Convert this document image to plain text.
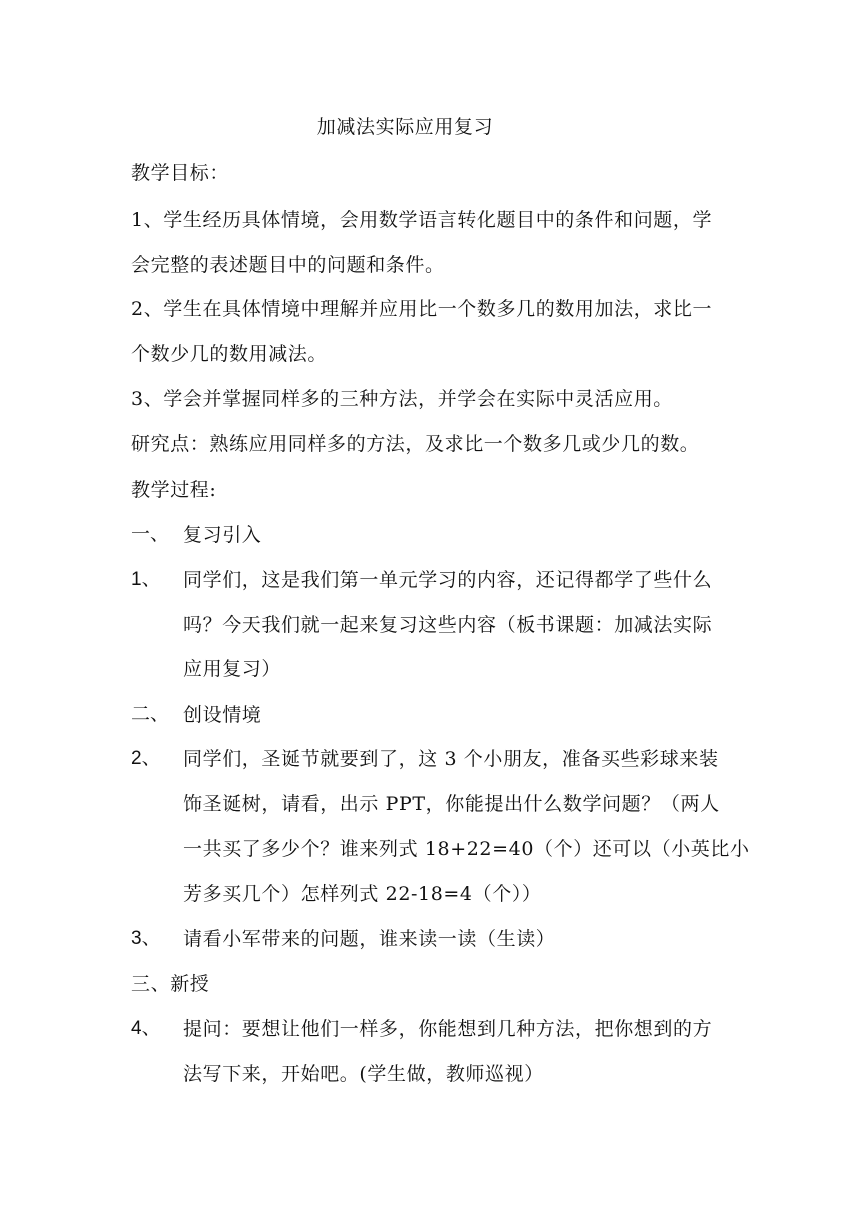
加减法实际应用复习
教学目标：
1、学生经历具体情境，会用数学语言转化题目中的条件和问题，学
会完整的表述题目中的问题和条件。
2、学生在具体情境中理解并应用比一个数多几的数用加法，求比一
个数少几的数用减法。
3、学会并掌握同样多的三种方法，并学会在实际中灵活应用。
研究点：熟练应用同样多的方法，及求比一个数多几或少几的数。
教学过程:
一、 复习引入
1、 同学们，这是我们第一单元学习的内容，还记得都学了些什么
吗？今天我们就一起来复习这些内容（板书课题：加减法实际
应用复习）
二、 创设情境
2、 同学们，圣诞节就要到了，这 3 个小朋友，准备买些彩球来装
饰圣诞树，请看，出示 PPT，你能提出什么数学问题？（两人
一共买了多少个？谁来列式 18+22=40（个）还可以（小英比小
芳多买几个）怎样列式 22-18=4（个））
3、 请看小军带来的问题，谁来读一读（生读）
三、新授
4、 提问：要想让他们一样多，你能想到几种方法，把你想到的方
法写下来，开始吧。(学生做，教师巡视）
